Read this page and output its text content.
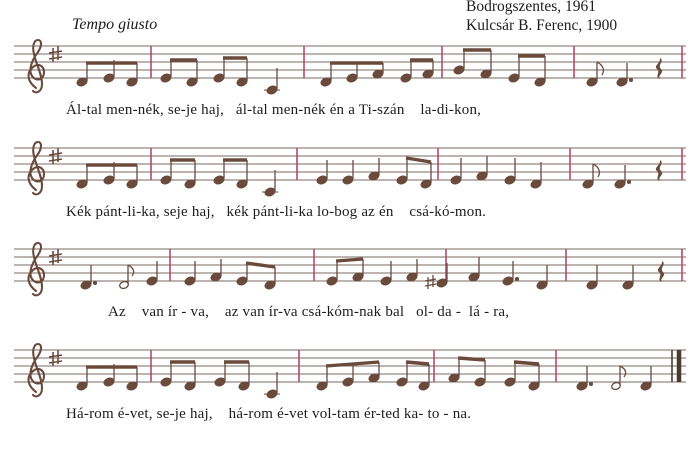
Bodrogszentes, 1961
Kulcsár B. Ferenc, 1900
Tempo giusto
Ál-tal men-nék, se-je haj,   ál-tal men-nék én a Ti-szán    la-di-kon,
Kék pánt-li-ka, seje haj,   kék pánt-li-ka lo-bog az én    csá-kó-mon.
Az    van ír - va,    az van ír-va csá-kóm-nak bal   ol- da -  lá - ra,
Há-rom é-vet, se-je haj,    há-rom é-vet vol-tam ér-ted ka- to - na.
